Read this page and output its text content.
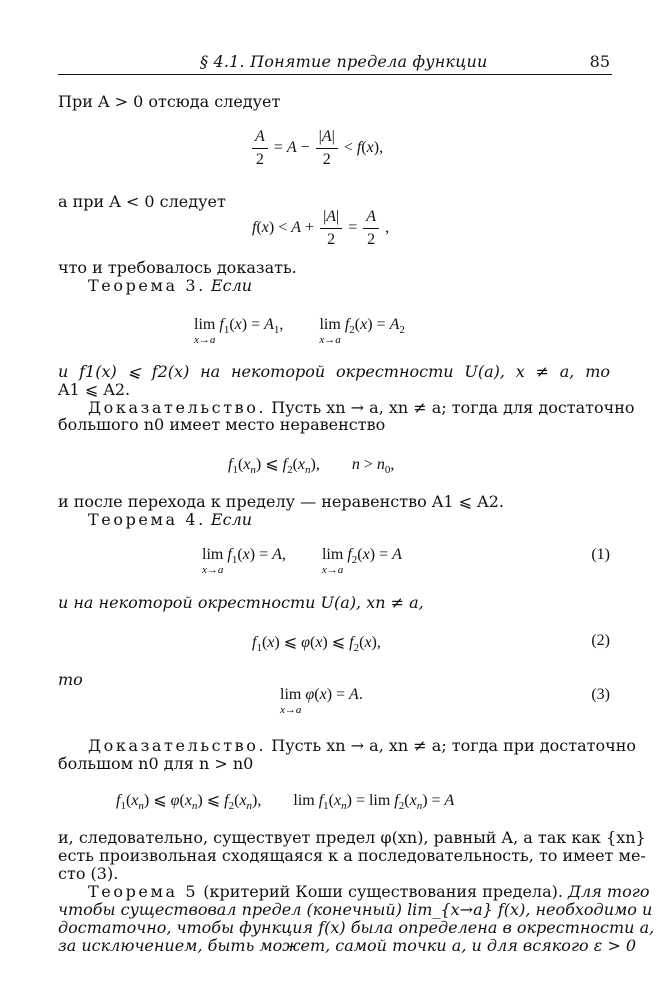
§ 4.1. Понятие предела функции	85
При A > 0 отсюда следует
$\frac{A}{2} = A - \frac{|A|}{2} < f(x)$,
а при A < 0 следует
$f(x) < A + \frac{|A|}{2} = \frac{A}{2}$ ,
что и требовалось доказать.
Теорема 3. Если
lim
x→a
$f_1(x) = A_1$,         lim
x→a
$f_2(x) = A_2$
и f1(x) ⩽ f2(x) на некоторой окрестности U(a), x ≠ a, то
A1 ⩽ A2.
Доказательство. Пусть xn → a, xn ≠ a; тогда для достаточно
большого n0 имеет место неравенство
$f_1(x_n)$ ⩽ $f_2(x_n)$,        $n > n_0$,
и после перехода к пределу — неравенство A1 ⩽ A2.
Теорема 4. Если
lim
x→a
$f_1(x) = A$,         lim
x→a
$f_2(x) = A$	(1)
и на некоторой окрестности U(a), xn ≠ a,
$f_1(x)$ ⩽ φ(x) ⩽ $f_2(x)$,	(2)
то
lim
x→a
φ(x) = A.	(3)
Доказательство. Пусть xn → a, xn ≠ a; тогда при достаточно
большом n0 для n > n0
$f_1(x_n)$ ⩽ $\varphi(x_n)$ ⩽ $f_2(x_n)$,        $\lim f_1(x_n) = \lim f_2(x_n) = A$
и, следовательно, существует предел φ(xn), равный A, а так как {xn}
есть произвольная сходящаяся к a последовательность, то имеет ме-
сто (3).
Теорема 5 (критерий Коши существования предела). Для того
чтобы существовал предел (конечный) lim_{x→a} f(x), необходимо и
достаточно, чтобы функция f(x) была определена в окрестности a,
за исключением, быть может, самой точки a, и для всякого ε > 0
